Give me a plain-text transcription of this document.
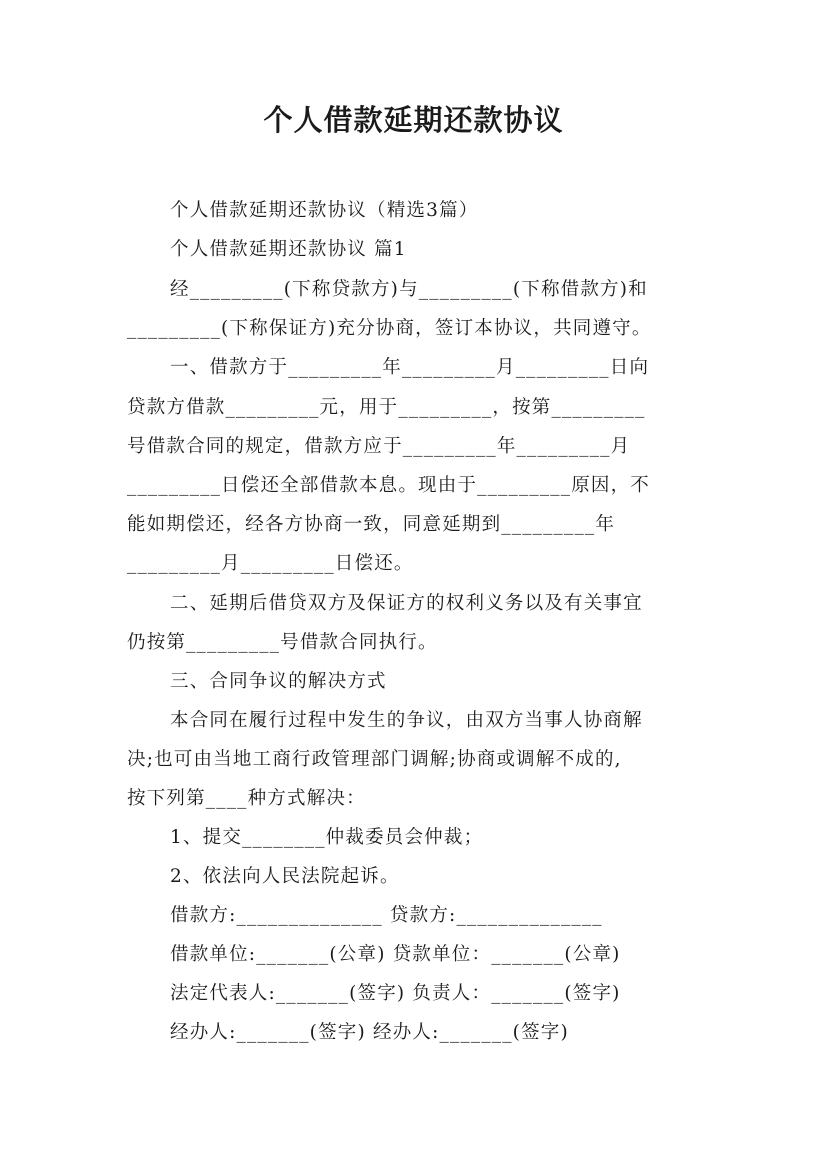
个人借款延期还款协议
个人借款延期还款协议（精选3篇）
个人借款延期还款协议 篇1
经_________(下称贷款方)与_________(下称借款方)和
_________(下称保证方)充分协商，签订本协议，共同遵守。
一、借款方于_________年_________月_________日向
贷款方借款_________元，用于_________，按第_________
号借款合同的规定，借款方应于_________年_________月
_________日偿还全部借款本息。现由于_________原因，不
能如期偿还，经各方协商一致，同意延期到_________年
_________月_________日偿还。
二、延期后借贷双方及保证方的权利义务以及有关事宜
仍按第_________号借款合同执行。
三、合同争议的解决方式
本合同在履行过程中发生的争议，由双方当事人协商解
决;也可由当地工商行政管理部门调解;协商或调解不成的,
按下列第____种方式解决：
1、提交________仲裁委员会仲裁；
2、依法向人民法院起诉。
借款方:______________ 贷款方:______________
借款单位:_______(公章) 贷款单位：_______(公章)
法定代表人:_______(签字) 负责人：_______(签字)
经办人:_______(签字) 经办人:_______(签字)
